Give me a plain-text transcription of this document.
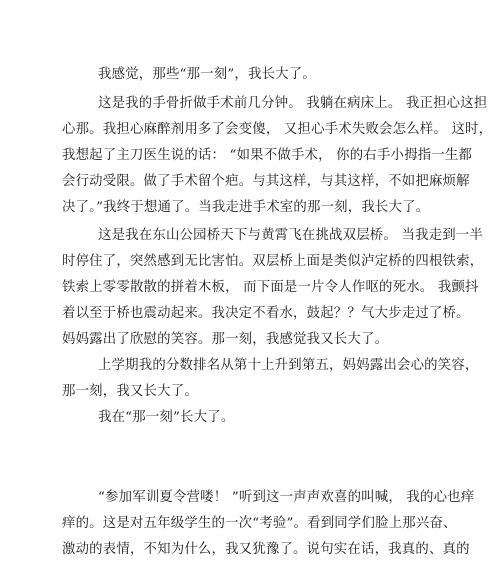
我感觉，那些“那一刻”，我长大了。
这是我的手骨折做手术前几分钟。 我躺在病床上。 我正担心这担
心那。我担心麻醉剂用多了会变傻， 又担心手术失败会怎么样。 这时，
我想起了主刀医生说的话： “如果不做手术， 你的右手小拇指一生都
会行动受限。做了手术留个疤。与其这样，与其这样，不如把麻烦解
决了。”我终于想通了。当我走进手术室的那一刻，我长大了。
这是我在东山公园桥天下与黄霄飞在挑战双层桥。 当我走到一半
时停住了，突然感到无比害怕。双层桥上面是类似泸定桥的四根铁索，
铁索上零零散散的拼着木板， 而下面是一片令人作呕的死水。 我颤抖
着以至于桥也震动起来。我决定不看水，鼓起？？气大步走过了桥。
妈妈露出了欣慰的笑容。那一刻，我感觉我又长大了。
上学期我的分数排名从第十上升到第五，妈妈露出会心的笑容，
那一刻，我又长大了。
我在“那一刻”长大了。
“参加军训夏令营喽！ ”听到这一声声欢喜的叫喊， 我的心也痒
痒的。这是对五年级学生的一次“考验”。看到同学们脸上那兴奋、
激动的表情，不知为什么，我又犹豫了。说句实在话，我真的、真的
